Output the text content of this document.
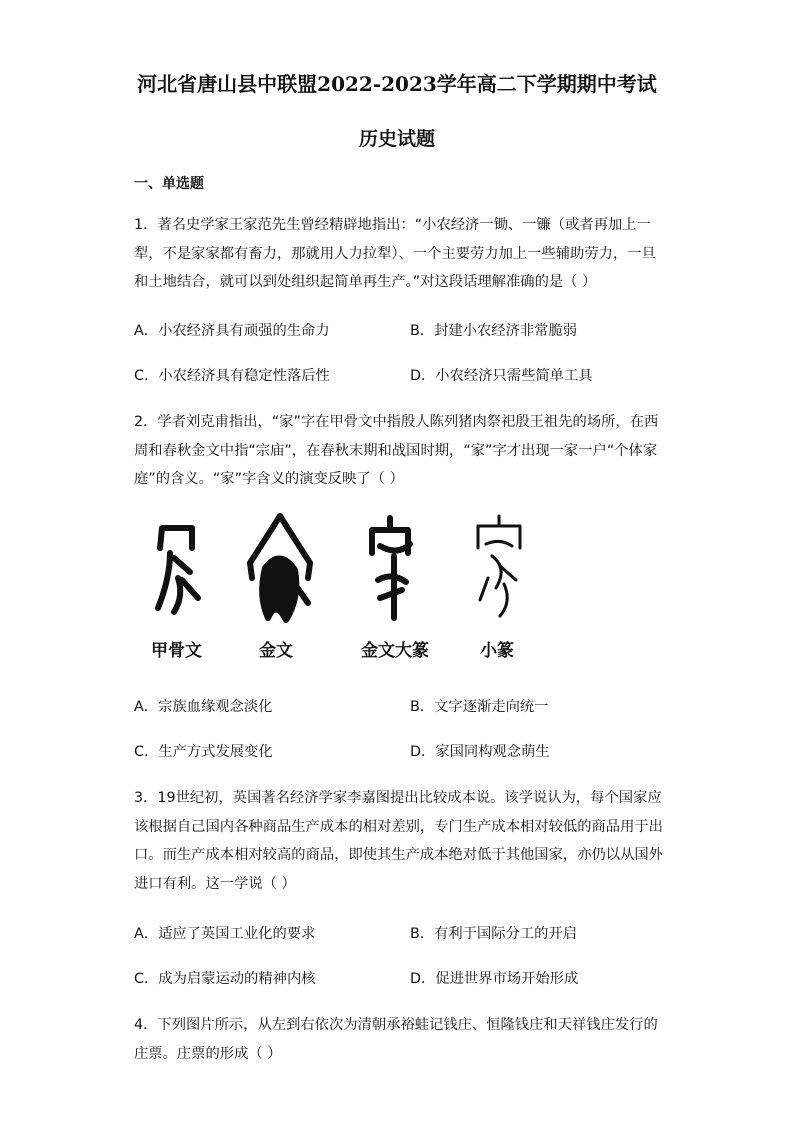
河北省唐山县中联盟2022-2023学年高二下学期期中考试
历史试题
一、单选题
1．著名史学家王家范先生曾经精辟地指出：“小农经济一锄、一镰（或者再加上一犁，不是家家都有畜力，那就用人力拉犁）、一个主要劳力加上一些辅助劳力，一旦和土地结合，就可以到处组织起简单再生产。”对这段话理解准确的是（ ）
A．小农经济具有顽强的生命力	B．封建小农经济非常脆弱
C．小农经济具有稳定性落后性	D．小农经济只需些简单工具
2．学者刘克甫指出，“家”字在甲骨文中指殷人陈列猪肉祭祀殷王祖先的场所，在西周和春秋金文中指“宗庙”，在春秋末期和战国时期，“家”字才出现一家一户“个体家庭”的含义。“家”字含义的演变反映了（ ）
甲骨文	金文	金文大篆	小篆
A．宗族血缘观念淡化	B．文字逐渐走向统一
C．生产方式发展变化	D．家国同构观念萌生
3．19世纪初，英国著名经济学家李嘉图提出比较成本说。该学说认为，每个国家应该根据自己国内各种商品生产成本的相对差别，专门生产成本相对较低的商品用于出口。而生产成本相对较高的商品，即使其生产成本绝对低于其他国家，亦仍以从国外进口有利。这一学说（ ）
A．适应了英国工业化的要求	B．有利于国际分工的开启
C．成为启蒙运动的精神内核	D．促进世界市场开始形成
4．下列图片所示，从左到右依次为清朝承裕蛙记钱庄、恒隆钱庄和天祥钱庄发行的庄票。庄票的形成（ ）
